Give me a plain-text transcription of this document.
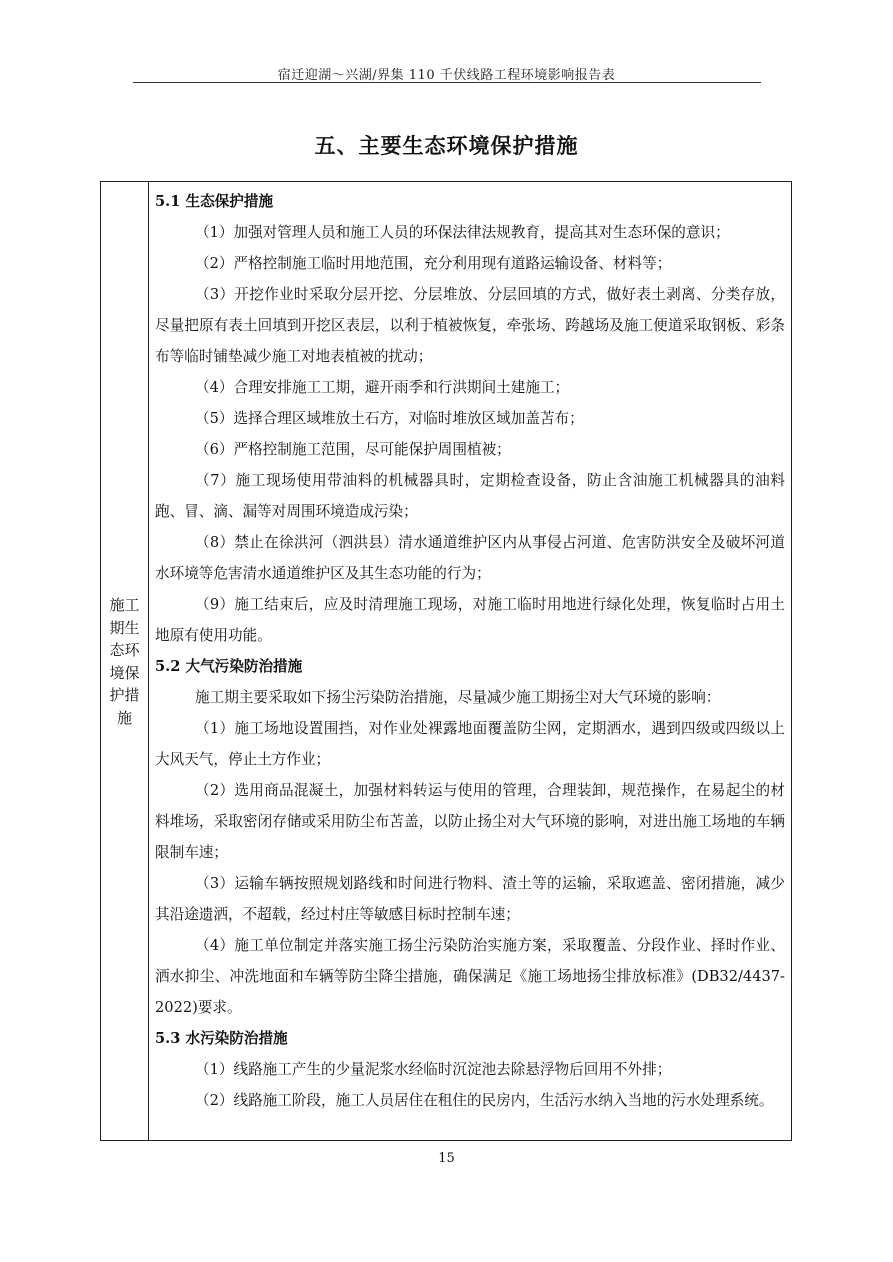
宿迁迎湖～兴湖/界集 110 千伏线路工程环境影响报告表
五、主要生态环境保护措施
施工
期生
态环
境保
护措
施

5.1 生态保护措施

（1）加强对管理人员和施工人员的环保法律法规教育，提高其对生态环保的意识；

（2）严格控制施工临时用地范围，充分利用现有道路运输设备、材料等；

（3）开挖作业时采取分层开挖、分层堆放、分层回填的方式，做好表土剥离、分类存放，尽量把原有表土回填到开挖区表层，以利于植被恢复，牵张场、跨越场及施工便道采取钢板、彩条布等临时铺垫减少施工对地表植被的扰动；

（4）合理安排施工工期，避开雨季和行洪期间土建施工；

（5）选择合理区域堆放土石方，对临时堆放区域加盖苫布；

（6）严格控制施工范围，尽可能保护周围植被；

（7）施工现场使用带油料的机械器具时，定期检查设备，防止含油施工机械器具的油料跑、冒、滴、漏等对周围环境造成污染；

（8）禁止在徐洪河（泗洪县）清水通道维护区内从事侵占河道、危害防洪安全及破坏河道水环境等危害清水通道维护区及其生态功能的行为；

（9）施工结束后，应及时清理施工现场，对施工临时用地进行绿化处理，恢复临时占用土地原有使用功能。

5.2 大气污染防治措施

施工期主要采取如下扬尘污染防治措施，尽量减少施工期扬尘对大气环境的影响：

（1）施工场地设置围挡，对作业处裸露地面覆盖防尘网，定期洒水，遇到四级或四级以上大风天气，停止土方作业；

（2）选用商品混凝土，加强材料转运与使用的管理，合理装卸，规范操作，在易起尘的材料堆场，采取密闭存储或采用防尘布苫盖，以防止扬尘对大气环境的影响，对进出施工场地的车辆限制车速；

（3）运输车辆按照规划路线和时间进行物料、渣土等的运输，采取遮盖、密闭措施，减少其沿途遗洒，不超载，经过村庄等敏感目标时控制车速；

（4）施工单位制定并落实施工扬尘污染防治实施方案，采取覆盖、分段作业、择时作业、洒水抑尘、冲洗地面和车辆等防尘降尘措施，确保满足《施工场地扬尘排放标准》(DB32/4437-2022)要求。

5.3 水污染防治措施

（1）线路施工产生的少量泥浆水经临时沉淀池去除悬浮物后回用不外排；

（2）线路施工阶段，施工人员居住在租住的民房内，生活污水纳入当地的污水处理系统。

15
